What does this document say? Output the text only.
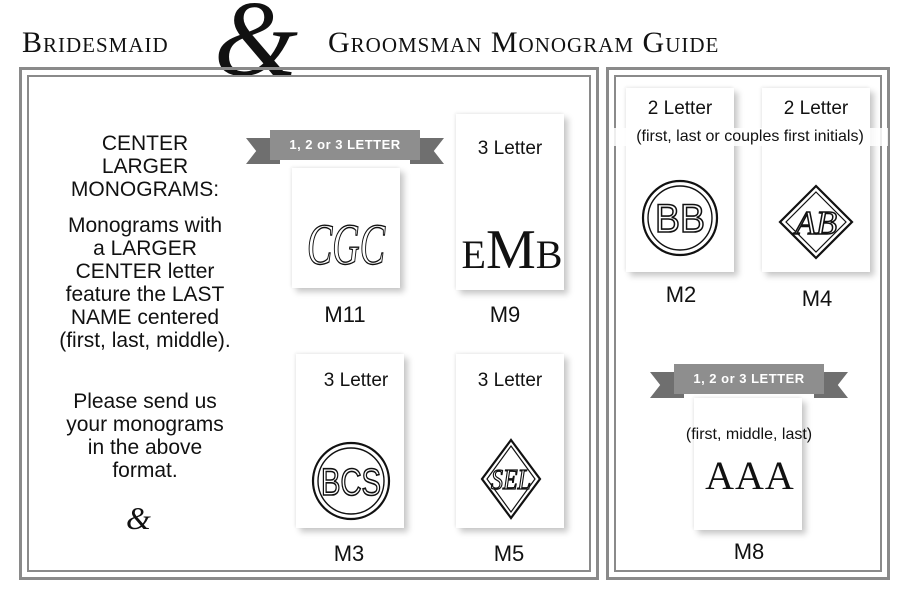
Bridesmaid & Groomsman Monogram Guide
CENTER
LARGER
MONOGRAMS:
Monograms with
a LARGER
CENTER letter
feature the LAST
NAME centered
(first, last, middle).
Please send us
your monograms
in the above
format.
&
1, 2 or 3 LETTER
CGC
M11
3 Letter
EMB
M9
3 Letter
BCS
M3
3 Letter
SEL
M5
2 Letter	2 Letter
(first, last or couples first initials)
BB
M2
AB
M4
1, 2 or 3 LETTER
(first, middle, last)
AAA
M8
